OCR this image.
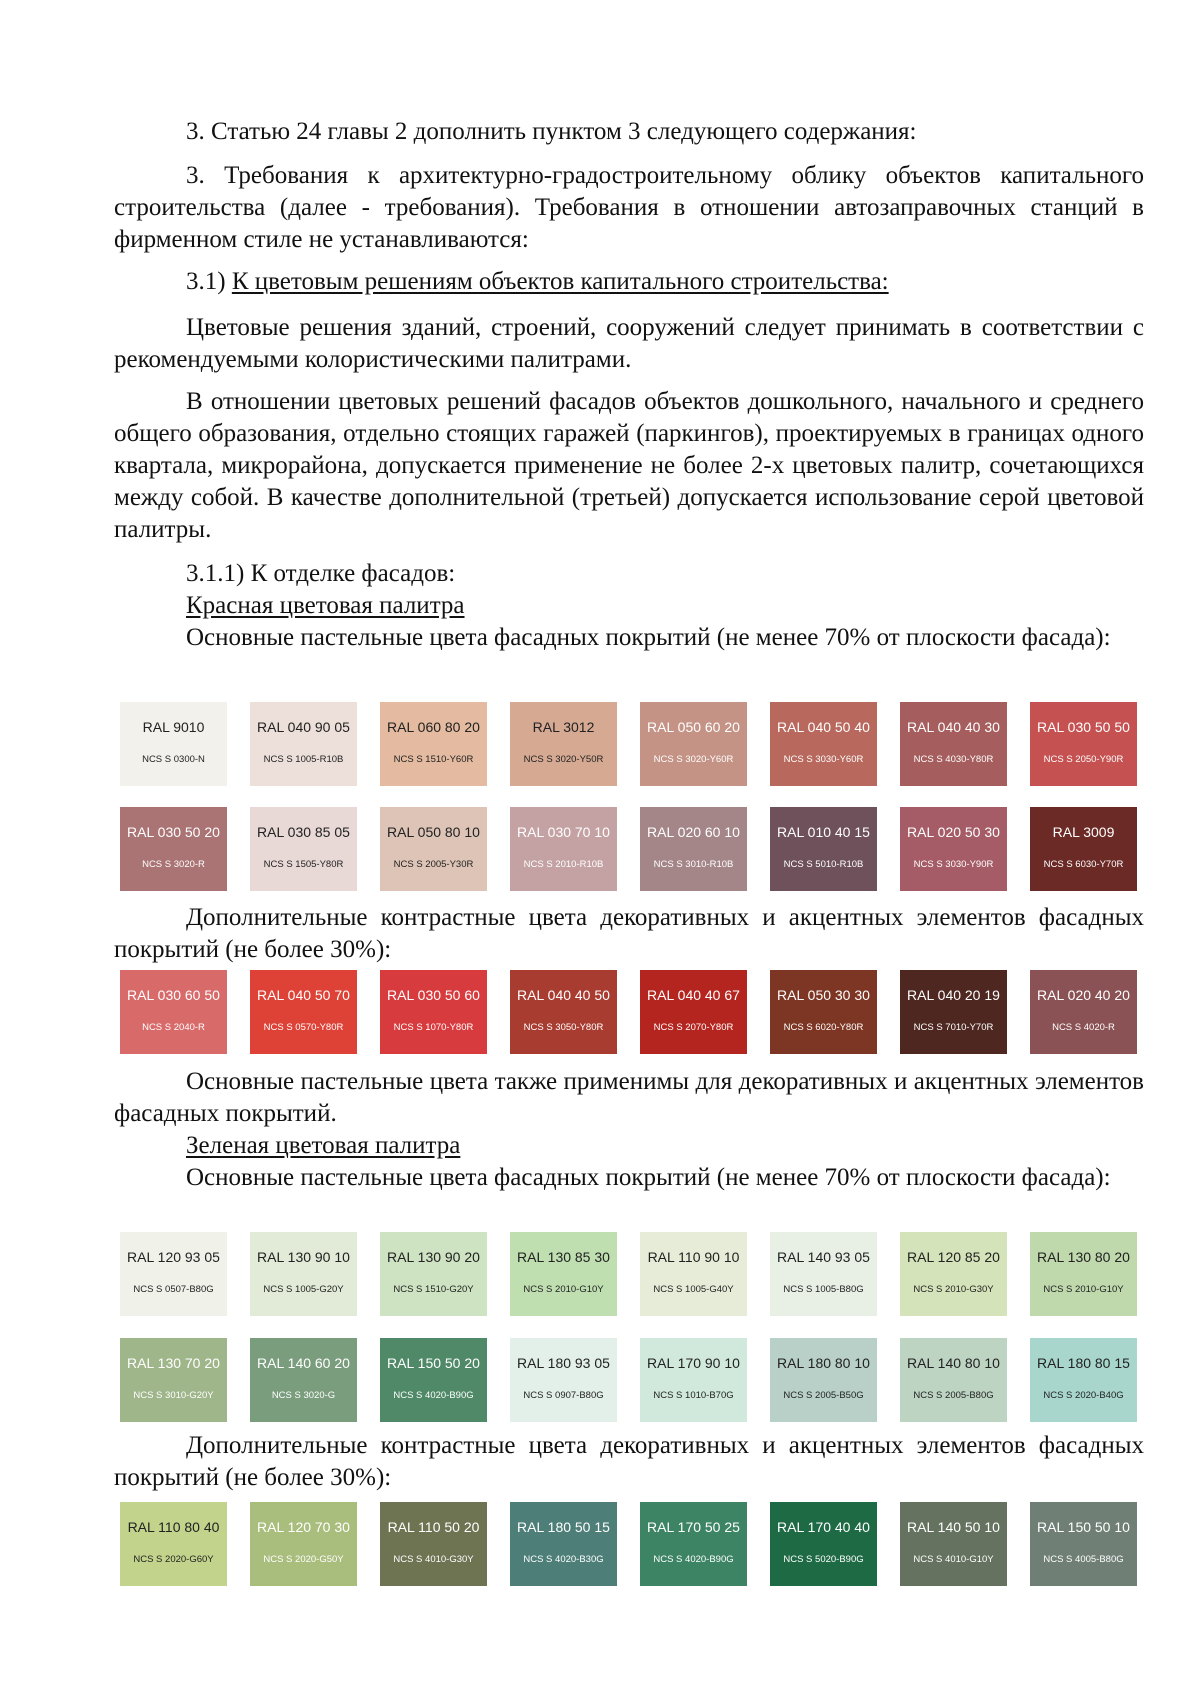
3. Статью 24 главы 2 дополнить пунктом 3 следующего содержания:

3. Требования к архитектурно-градостроительному облику объектов капитального строительства (далее - требования). Требования в отношении автозаправочных станций в фирменном стиле не устанавливаются:

3.1) К цветовым решениям объектов капитального строительства:

Цветовые решения зданий, строений, сооружений следует принимать в соответствии с рекомендуемыми колористическими палитрами.

В отношении цветовых решений фасадов объектов дошкольного, начального и среднего общего образования, отдельно стоящих гаражей (паркингов), проектируемых в границах одного квартала, микрорайона, допускается применение не более 2-х цветовых палитр, сочетающихся между собой. В качестве дополнительной (третьей) допускается использование серой цветовой палитры.

3.1.1) К отделке фасадов:

Красная цветовая палитра

Основные пастельные цвета фасадных покрытий (не менее 70% от плоскости фасада):

RAL 9010
NCS S 0300-N
RAL 040 90 05
NCS S 1005-R10B
RAL 060 80 20
NCS S 1510-Y60R
RAL 3012
NCS S 3020-Y50R
RAL 050 60 20
NCS S 3020-Y60R
RAL 040 50 40
NCS S 3030-Y60R
RAL 040 40 30
NCS S 4030-Y80R
RAL 030 50 50
NCS S 2050-Y90R
RAL 030 50 20
NCS S 3020-R
RAL 030 85 05
NCS S 1505-Y80R
RAL 050 80 10
NCS S 2005-Y30R
RAL 030 70 10
NCS S 2010-R10B
RAL 020 60 10
NCS S 3010-R10B
RAL 010 40 15
NCS S 5010-R10B
RAL 020 50 30
NCS S 3030-Y90R
RAL 3009
NCS S 6030-Y70R

Дополнительные контрастные цвета декоративных и акцентных элементов фасадных покрытий (не более 30%):

RAL 030 60 50
NCS S 2040-R
RAL 040 50 70
NCS S 0570-Y80R
RAL 030 50 60
NCS S 1070-Y80R
RAL 040 40 50
NCS S 3050-Y80R
RAL 040 40 67
NCS S 2070-Y80R
RAL 050 30 30
NCS S 6020-Y80R
RAL 040 20 19
NCS S 7010-Y70R
RAL 020 40 20
NCS S 4020-R

Основные пастельные цвета также применимы для декоративных и акцентных элементов фасадных покрытий.

Зеленая цветовая палитра

Основные пастельные цвета фасадных покрытий (не менее 70% от плоскости фасада):

RAL 120 93 05
NCS S 0507-B80G
RAL 130 90 10
NCS S 1005-G20Y
RAL 130 90 20
NCS S 1510-G20Y
RAL 130 85 30
NCS S 2010-G10Y
RAL 110 90 10
NCS S 1005-G40Y
RAL 140 93 05
NCS S 1005-B80G
RAL 120 85 20
NCS S 2010-G30Y
RAL 130 80 20
NCS S 2010-G10Y
RAL 130 70 20
NCS S 3010-G20Y
RAL 140 60 20
NCS S 3020-G
RAL 150 50 20
NCS S 4020-B90G
RAL 180 93 05
NCS S 0907-B80G
RAL 170 90 10
NCS S 1010-B70G
RAL 180 80 10
NCS S 2005-B50G
RAL 140 80 10
NCS S 2005-B80G
RAL 180 80 15
NCS S 2020-B40G

Дополнительные контрастные цвета декоративных и акцентных элементов фасадных покрытий (не более 30%):

RAL 110 80 40
NCS S 2020-G60Y
RAL 120 70 30
NCS S 2020-G50Y
RAL 110 50 20
NCS S 4010-G30Y
RAL 180 50 15
NCS S 4020-B30G
RAL 170 50 25
NCS S 4020-B90G
RAL 170 40 40
NCS S 5020-B90G
RAL 140 50 10
NCS S 4010-G10Y
RAL 150 50 10
NCS S 4005-B80G
